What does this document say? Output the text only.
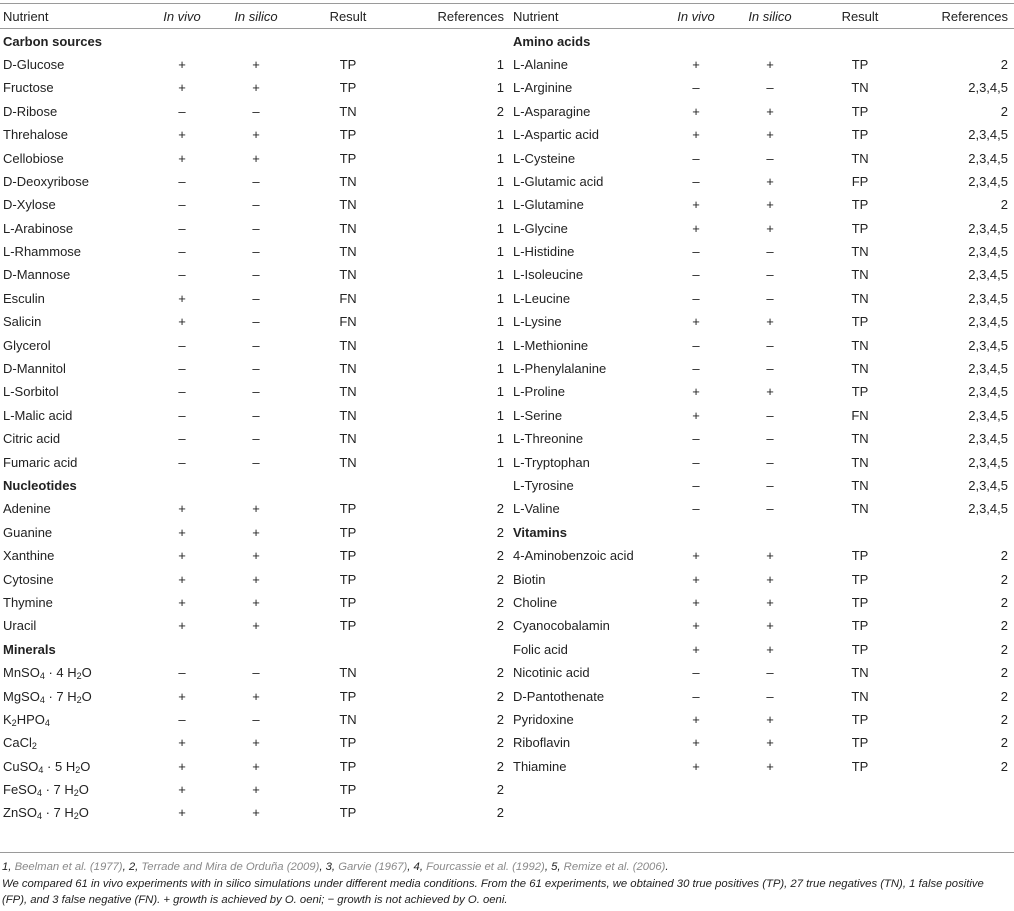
Nutrient	In vivo	In silico	Result	References	Nutrient	In vivo	In silico	Result	References
Carbon sources					Amino acids				
D-Glucose	+	+	TP	1	L-Alanine	+	+	TP	2
Fructose	+	+	TP	1	L-Arginine	–	–	TN	2,3,4,5
D-Ribose	–	–	TN	2	L-Asparagine	+	+	TP	2
Threhalose	+	+	TP	1	L-Aspartic acid	+	+	TP	2,3,4,5
Cellobiose	+	+	TP	1	L-Cysteine	–	–	TN	2,3,4,5
D-Deoxyribose	–	–	TN	1	L-Glutamic acid	–	+	FP	2,3,4,5
D-Xylose	–	–	TN	1	L-Glutamine	+	+	TP	2
L-Arabinose	–	–	TN	1	L-Glycine	+	+	TP	2,3,4,5
L-Rhammose	–	–	TN	1	L-Histidine	–	–	TN	2,3,4,5
D-Mannose	–	–	TN	1	L-Isoleucine	–	–	TN	2,3,4,5
Esculin	+	–	FN	1	L-Leucine	–	–	TN	2,3,4,5
Salicin	+	–	FN	1	L-Lysine	+	+	TP	2,3,4,5
Glycerol	–	–	TN	1	L-Methionine	–	–	TN	2,3,4,5
D-Mannitol	–	–	TN	1	L-Phenylalanine	–	–	TN	2,3,4,5
L-Sorbitol	–	–	TN	1	L-Proline	+	+	TP	2,3,4,5
L-Malic acid	–	–	TN	1	L-Serine	+	–	FN	2,3,4,5
Citric acid	–	–	TN	1	L-Threonine	–	–	TN	2,3,4,5
Fumaric acid	–	–	TN	1	L-Tryptophan	–	–	TN	2,3,4,5
Nucleotides					L-Tyrosine	–	–	TN	2,3,4,5
Adenine	+	+	TP	2	L-Valine	–	–	TN	2,3,4,5
Guanine	+	+	TP	2	Vitamins				
Xanthine	+	+	TP	2	4-Aminobenzoic acid	+	+	TP	2
Cytosine	+	+	TP	2	Biotin	+	+	TP	2
Thymine	+	+	TP	2	Choline	+	+	TP	2
Uracil	+	+	TP	2	Cyanocobalamin	+	+	TP	2
Minerals					Folic acid	+	+	TP	2
MnSO$_4$ · 4 $H_2O$	–	–	TN	2	Nicotinic acid	–	–	TN	2
MgSO$_4$ · 7 $H_2O$	+	+	TP	2	D-Pantothenate	–	–	TN	2
$K_2HPO_4$	–	–	TN	2	Pyridoxine	+	+	TP	2
CaCl$_2$	+	+	TP	2	Riboflavin	+	+	TP	2
CuSO$_4$ · 5 $H_2O$	+	+	TP	2	Thiamine	+	+	TP	2
FeSO$_4$ · 7 $H_2O$	+	+	TP	2					
ZnSO$_4$ · 7 $H_2O$	+	+	TP	2					

1, Beelman et al. (1977), 2, Terrade and Mira de Orduña (2009), 3, Garvie (1967), 4, Fourcassie et al. (1992), 5, Remize et al. (2006).
We compared 61 in vivo experiments with in silico simulations under different media conditions. From the 61 experiments, we obtained 30 true positives (TP), 27 true negatives (TN), 1 false positive (FP), and 3 false negative (FN). + growth is achieved by O. oeni; − growth is not achieved by O. oeni.
